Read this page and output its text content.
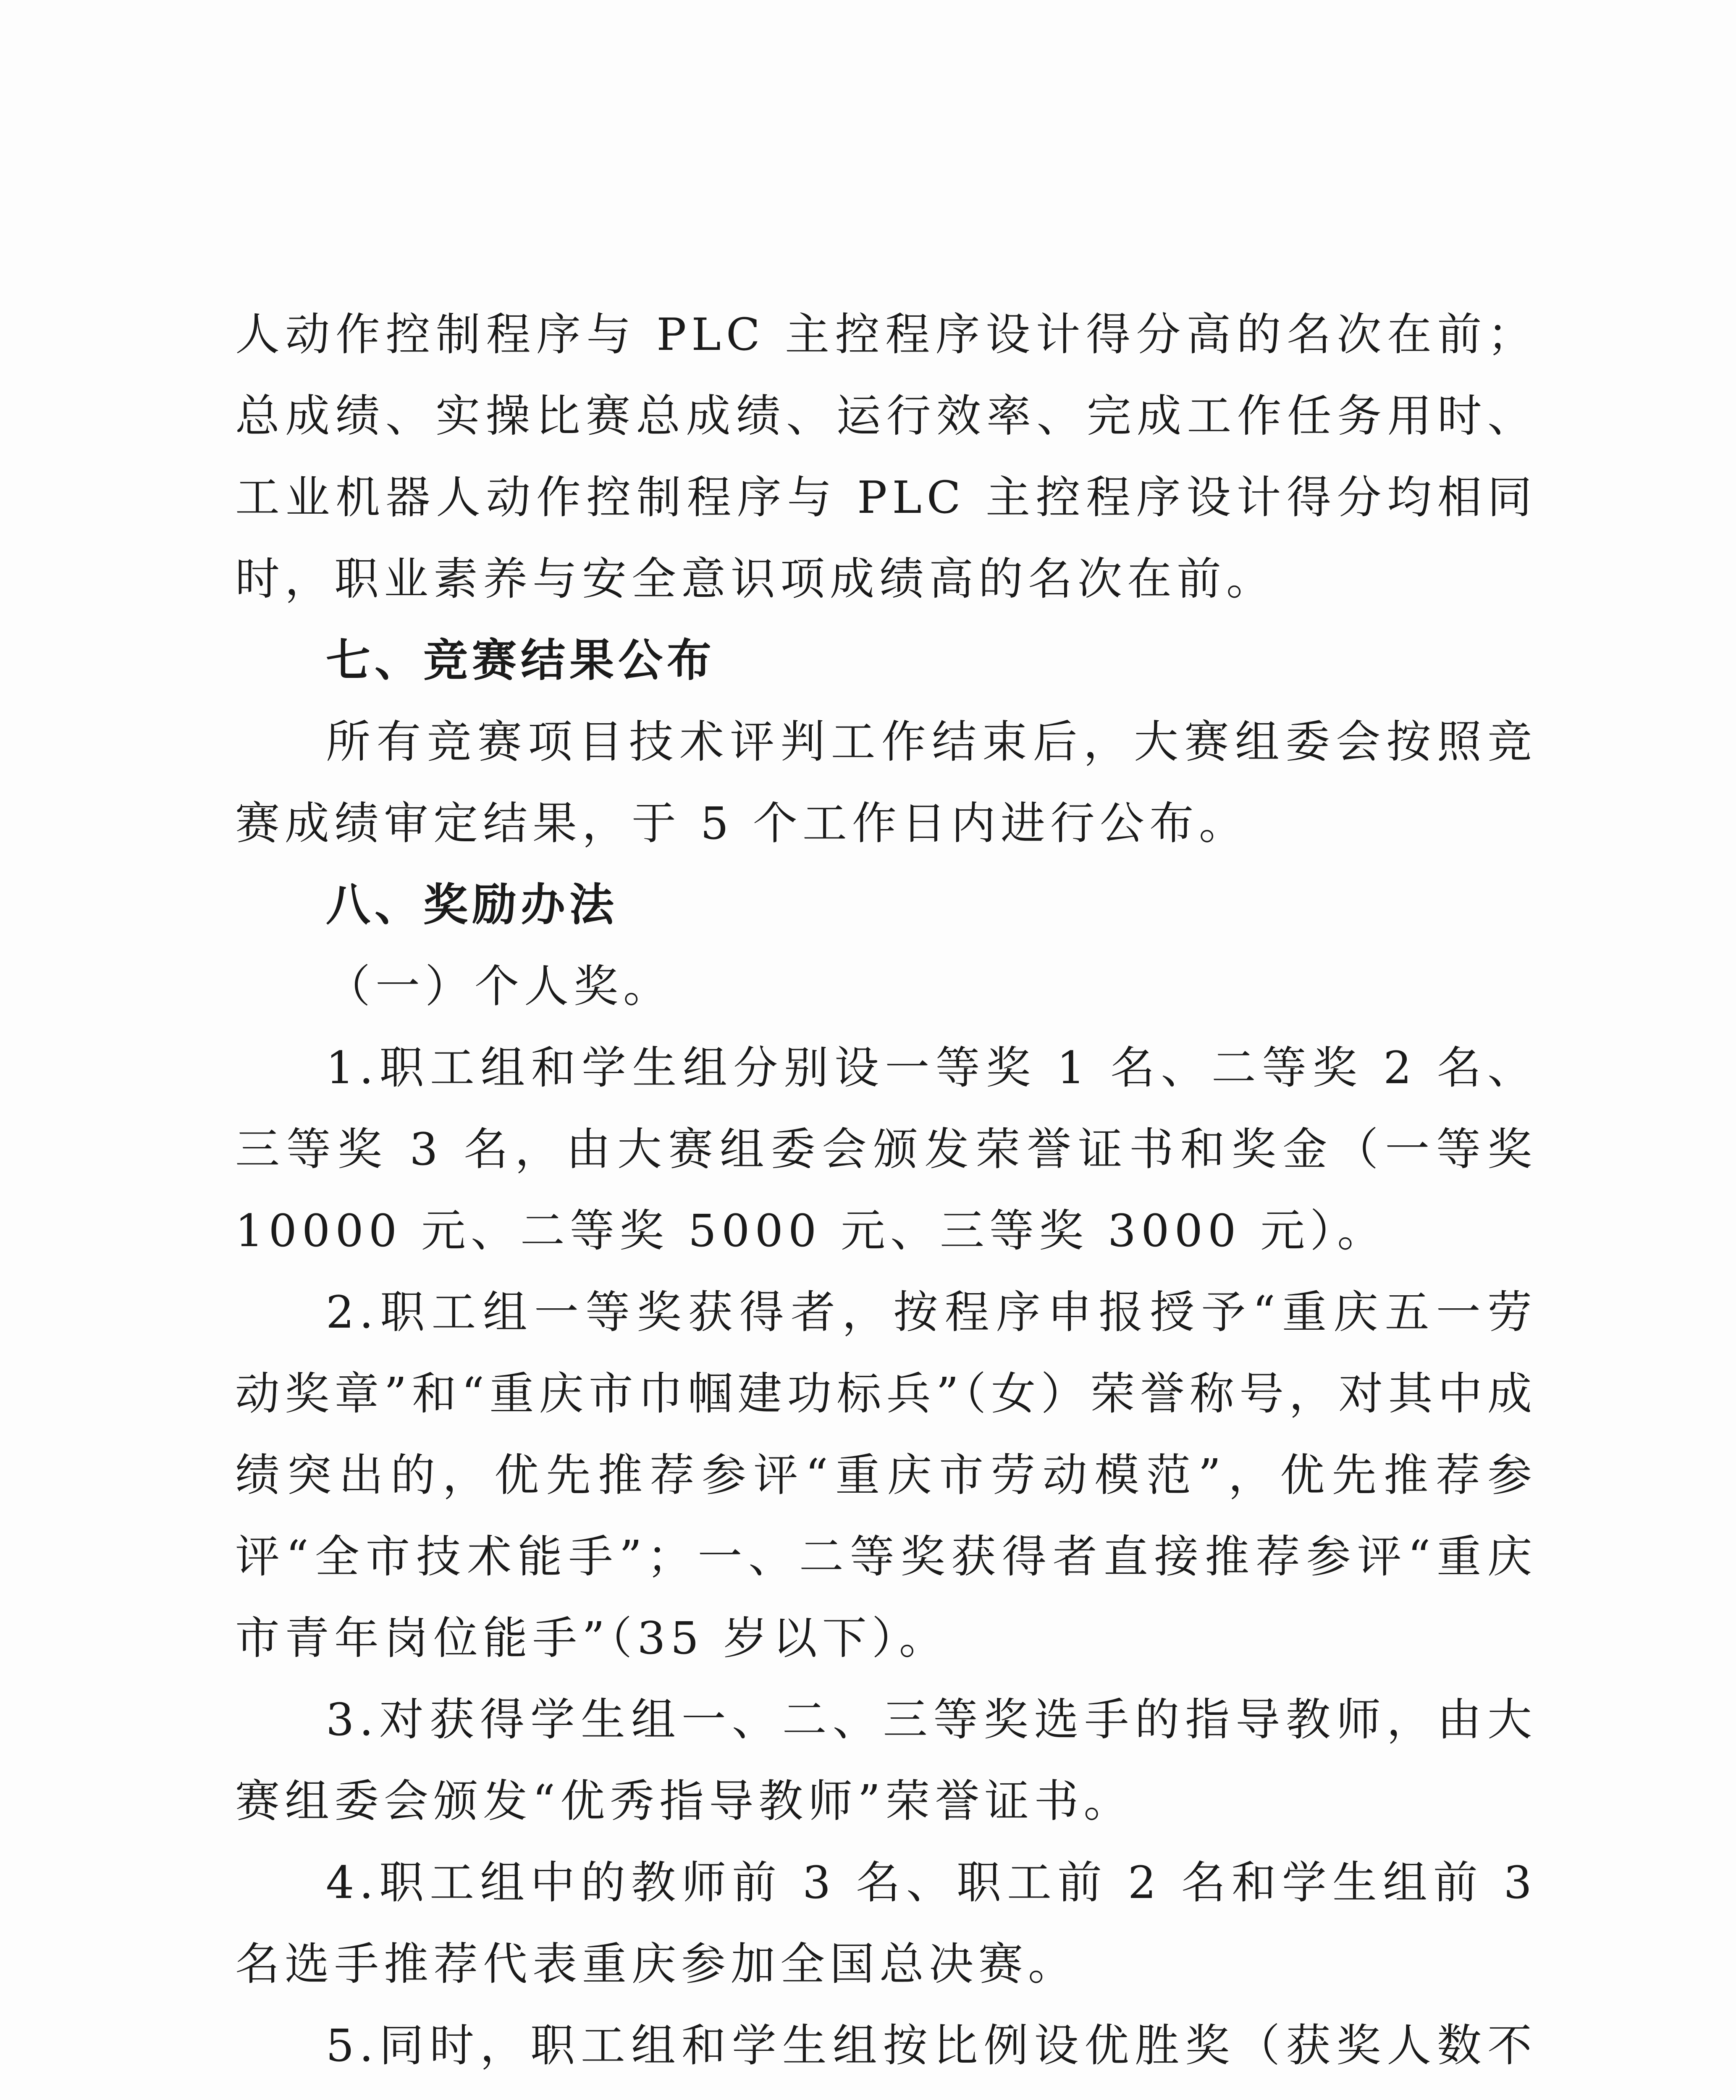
人动作控制程序与 PLC 主控程序设计得分高的名次在前；总成绩、实操比赛总成绩、运行效率、完成工作任务用时、工业机器人动作控制程序与 PLC 主控程序设计得分均相同时，职业素养与安全意识项成绩高的名次在前。

七、竞赛结果公布

所有竞赛项目技术评判工作结束后，大赛组委会按照竞赛成绩审定结果，于 5 个工作日内进行公布。

八、奖励办法

（一）个人奖。

1.职工组和学生组分别设一等奖 1 名、二等奖 2 名、三等奖 3 名，由大赛组委会颁发荣誉证书和奖金（一等奖 10000 元、二等奖 5000 元、三等奖 3000 元）。

2.职工组一等奖获得者，按程序申报授予“重庆五一劳动奖章”和“重庆市巾帼建功标兵”（女）荣誉称号，对其中成绩突出的，优先推荐参评“重庆市劳动模范”，优先推荐参评“全市技术能手”；一、二等奖获得者直接推荐参评“重庆市青年岗位能手”（35 岁以下）。

3.对获得学生组一、二、三等奖选手的指导教师，由大赛组委会颁发“优秀指导教师”荣誉证书。

4.职工组中的教师前 3 名、职工前 2 名和学生组前 3 名选手推荐代表重庆参加全国总决赛。

5.同时，职工组和学生组按比例设优胜奖（获奖人数不
